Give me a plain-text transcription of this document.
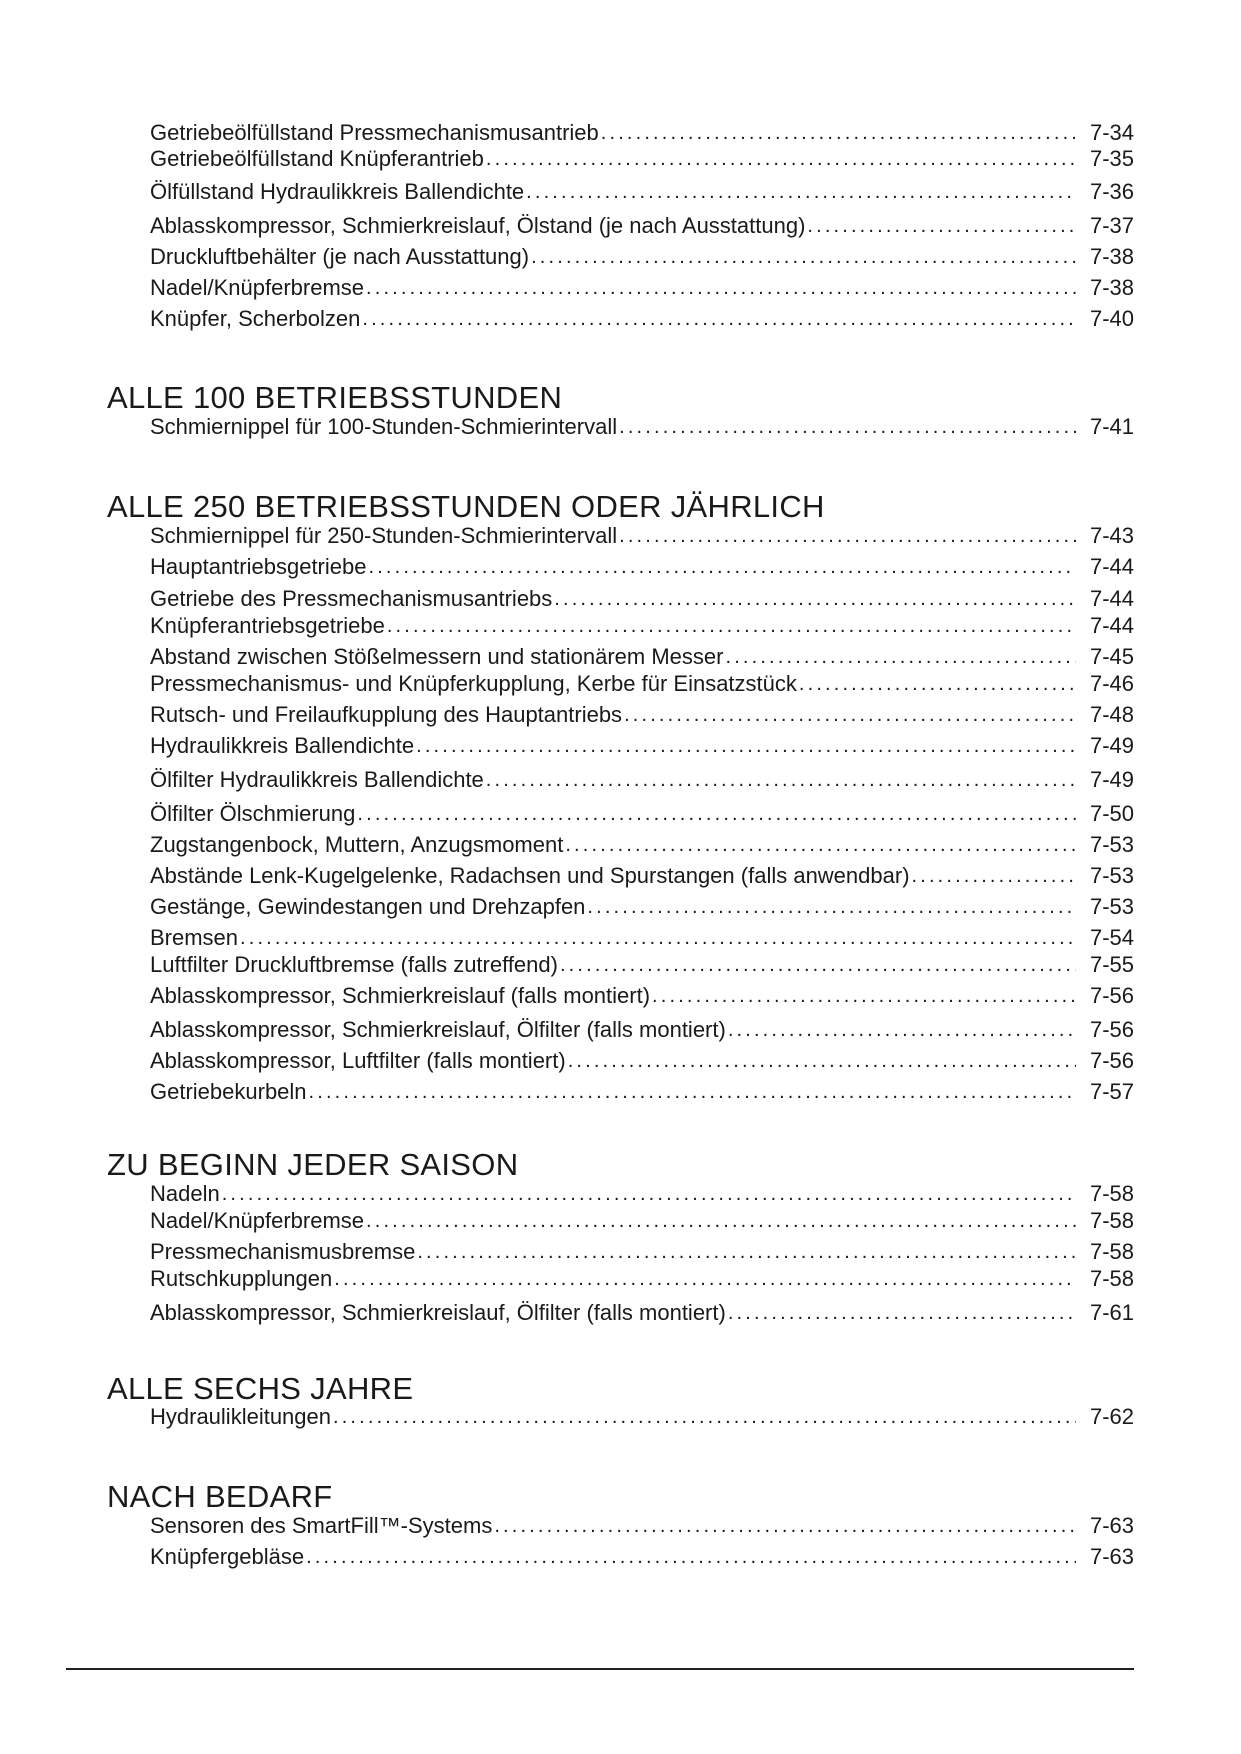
Getriebeölfüllstand Pressmechanismusantrieb . . .	7-34
Getriebeölfüllstand Knüpferantrieb . . .	7-35
Ölfüllstand Hydraulikkreis Ballendichte . . .	7-36
Ablasskompressor, Schmierkreislauf, Ölstand (je nach Ausstattung) . . .	7-37
Druckluftbehälter (je nach Ausstattung) . . .	7-38
Nadel/Knüpferbremse . . .	7-38
Knüpfer, Scherbolzen . . .	7-40
ALLE 100 BETRIEBSSTUNDEN
Schmiernippel für 100-Stunden-Schmierintervall . . .	7-41
ALLE 250 BETRIEBSSTUNDEN ODER JÄHRLICH
Schmiernippel für 250-Stunden-Schmierintervall . . .	7-43
Hauptantriebsgetriebe . . .	7-44
Getriebe des Pressmechanismusantriebs . . .	7-44
Knüpferantriebsgetriebe . . .	7-44
Abstand zwischen Stößelmessern und stationärem Messer . . .	7-45
Pressmechanismus- und Knüpferkupplung, Kerbe für Einsatzstück . . .	7-46
Rutsch- und Freilaufkupplung des Hauptantriebs . . .	7-48
Hydraulikkreis Ballendichte . . .	7-49
Ölfilter Hydraulikkreis Ballendichte . . .	7-49
Ölfilter Ölschmierung . . .	7-50
Zugstangenbock, Muttern, Anzugsmoment . . .	7-53
Abstände Lenk-Kugelgelenke, Radachsen und Spurstangen (falls anwendbar) . . .	7-53
Gestänge, Gewindestangen und Drehzapfen . . .	7-53
Bremsen . . .	7-54
Luftfilter Druckluftbremse (falls zutreffend) . . .	7-55
Ablasskompressor, Schmierkreislauf (falls montiert) . . .	7-56
Ablasskompressor, Schmierkreislauf, Ölfilter (falls montiert) . . .	7-56
Ablasskompressor, Luftfilter (falls montiert) . . .	7-56
Getriebekurbeln . . .	7-57
ZU BEGINN JEDER SAISON
Nadeln . . .	7-58
Nadel/Knüpferbremse . . .	7-58
Pressmechanismusbremse . . .	7-58
Rutschkupplungen . . .	7-58
Ablasskompressor, Schmierkreislauf, Ölfilter (falls montiert) . . .	7-61
ALLE SECHS JAHRE
Hydraulikleitungen . . .	7-62
NACH BEDARF
Sensoren des SmartFill™-Systems . . .	7-63
Knüpfergebläse . . .	7-63
